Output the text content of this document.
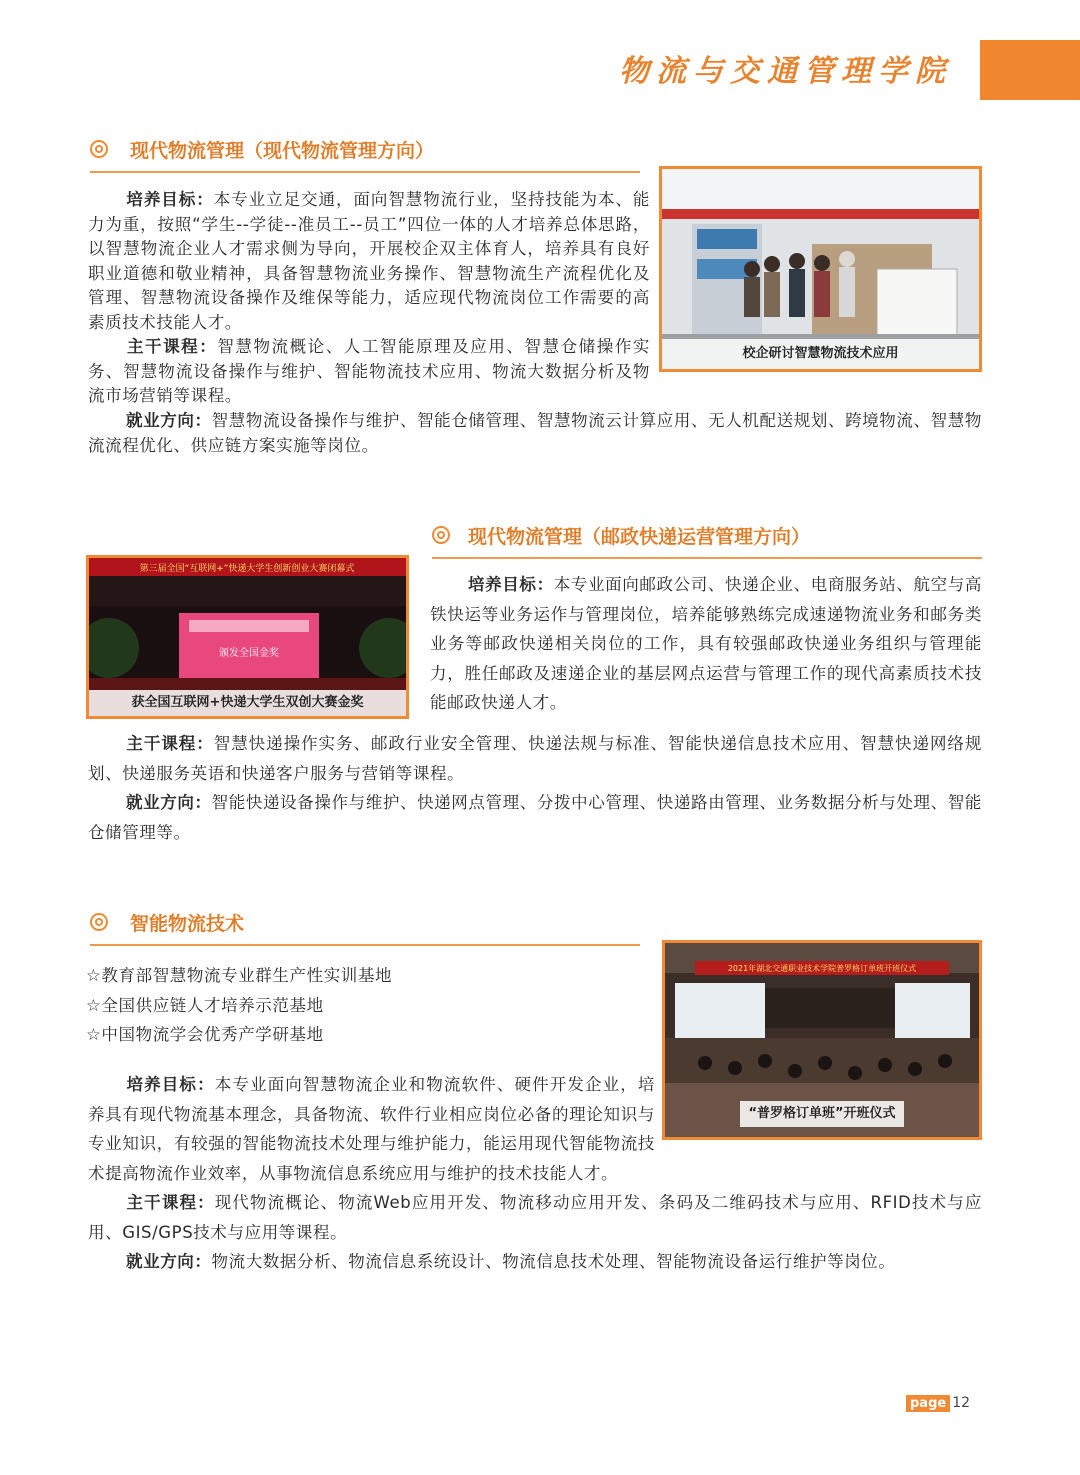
物流与交通管理学院
现代物流管理（现代物流管理方向）

培养目标：本专业立足交通，面向智慧物流行业，坚持技能为本、能力为重，按照“学生--学徒--准员工--员工”四位一体的人才培养总体思路，以智慧物流企业人才需求侧为导向，开展校企双主体育人，培养具有良好职业道德和敬业精神，具备智慧物流业务操作、智慧物流生产流程优化及管理、智慧物流设备操作及维保等能力，适应现代物流岗位工作需要的高素质技术技能人才。

主干课程：智慧物流概论、人工智能原理及应用、智慧仓储操作实务、智慧物流设备操作与维护、智能物流技术应用、物流大数据分析及物流市场营销等课程。

就业方向：智慧物流设备操作与维护、智能仓储管理、智慧物流云计算应用、无人机配送规划、跨境物流、智慧物流流程优化、供应链方案实施等岗位。

校企研讨智慧物流技术应用
现代物流管理（邮政快递运营管理方向）
第三届全国“互联网+”快递大学生创新创业大赛闭幕式
颁发全国金奖
获全国互联网+快递大学生双创大赛金奖

培养目标：本专业面向邮政公司、快递企业、电商服务站、航空与高铁快运等业务运作与管理岗位，培养能够熟练完成速递物流业务和邮务类业务等邮政快递相关岗位的工作，具有较强邮政快递业务组织与管理能力，胜任邮政及速递企业的基层网点运营与管理工作的现代高素质技术技能邮政快递人才。

主干课程：智慧快递操作实务、邮政行业安全管理、快递法规与标准、智能快递信息技术应用、智慧快递网络规划、快递服务英语和快递客户服务与营销等课程。

就业方向：智能快递设备操作与维护、快递网点管理、分拨中心管理、快递路由管理、业务数据分析与处理、智能仓储管理等。

智能物流技术
☆教育部智慧物流专业群生产性实训基地
☆全国供应链人才培养示范基地
☆中国物流学会优秀产学研基地
2021年湖北交通职业技术学院普罗格订单班开班仪式
“普罗格订单班”开班仪式

培养目标：本专业面向智慧物流企业和物流软件、硬件开发企业，培养具有现代物流基本理念，具备物流、软件行业相应岗位必备的理论知识与专业知识，有较强的智能物流技术处理与维护能力，能运用现代智能物流技术提高物流作业效率，从事物流信息系统应用与维护的技术技能人才。

主干课程：现代物流概论、物流Web应用开发、物流移动应用开发、条码及二维码技术与应用、RFID技术与应用、GIS/GPS技术与应用等课程。

就业方向：物流大数据分析、物流信息系统设计、物流信息技术处理、智能物流设备运行维护等岗位。

page 12
